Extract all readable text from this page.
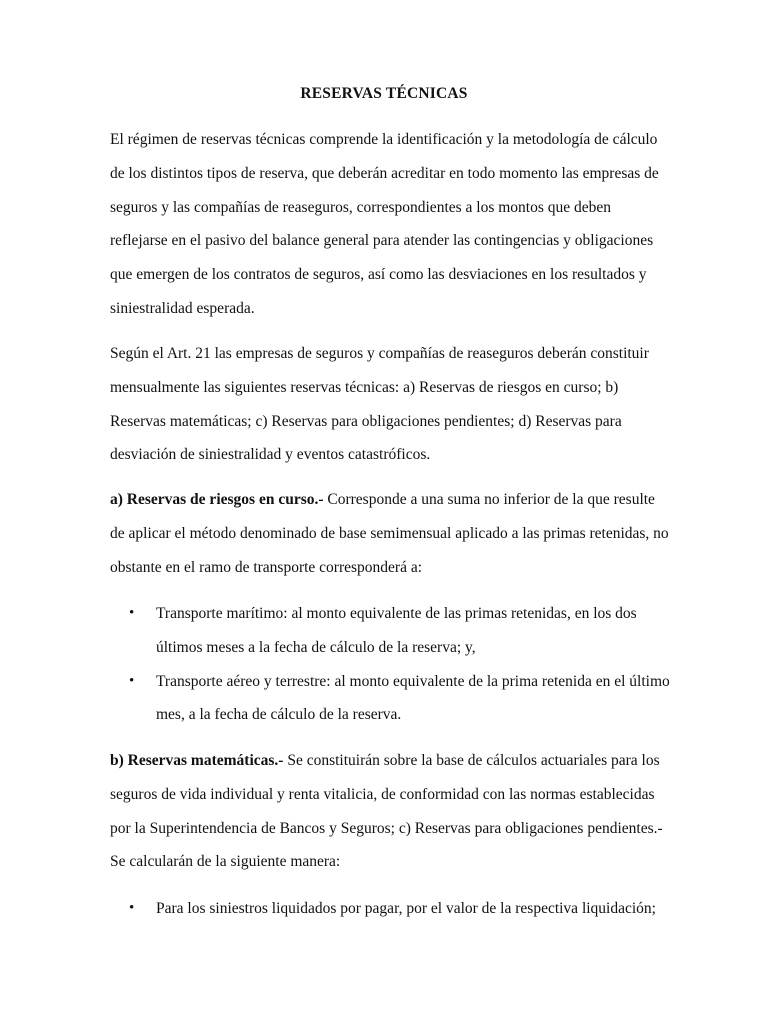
RESERVAS TÉCNICAS

El régimen de reservas técnicas comprende la identificación y la metodología de cálculo de los distintos tipos de reserva, que deberán acreditar en todo momento las empresas de seguros y las compañías de reaseguros, correspondientes a los montos que deben reflejarse en el pasivo del balance general para atender las contingencias y obligaciones que emergen de los contratos de seguros, así como las desviaciones en los resultados y siniestralidad esperada.

Según el Art. 21 las empresas de seguros y compañías de reaseguros deberán constituir mensualmente las siguientes reservas técnicas: a) Reservas de riesgos en curso; b) Reservas matemáticas; c) Reservas para obligaciones pendientes; d) Reservas para desviación de siniestralidad y eventos catastróficos.

a) Reservas de riesgos en curso.- Corresponde a una suma no inferior de la que resulte de aplicar el método denominado de base semimensual aplicado a las primas retenidas, no obstante en el ramo de transporte corresponderá a:

• Transporte marítimo: al monto equivalente de las primas retenidas, en los dos últimos meses a la fecha de cálculo de la reserva; y,
• Transporte aéreo y terrestre: al monto equivalente de la prima retenida en el último mes, a la fecha de cálculo de la reserva.

b) Reservas matemáticas.- Se constituirán sobre la base de cálculos actuariales para los seguros de vida individual y renta vitalicia, de conformidad con las normas establecidas por la Superintendencia de Bancos y Seguros; c) Reservas para obligaciones pendientes.- Se calcularán de la siguiente manera:

• Para los siniestros liquidados por pagar, por el valor de la respectiva liquidación;
